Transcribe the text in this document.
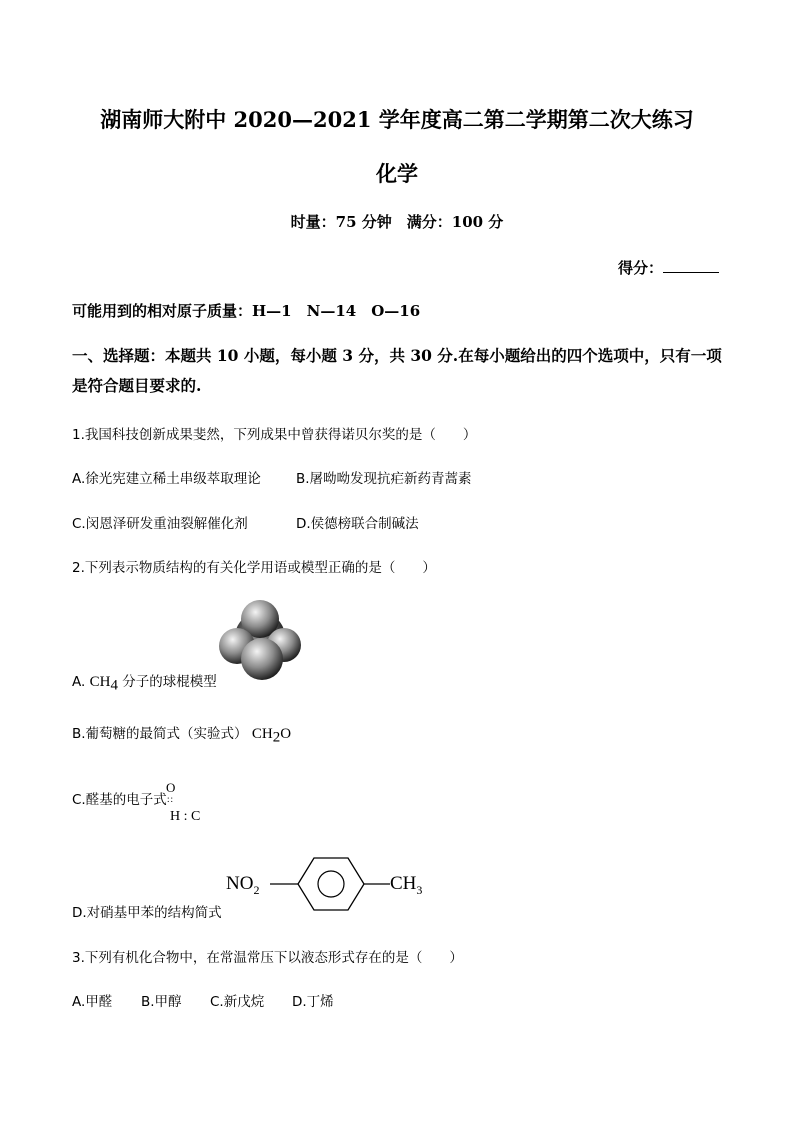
湖南师大附中 2020—2021 学年度高二第二学期第二次大练习
化学
时量：75 分钟　满分：100 分
得分：
可能用到的相对原子质量：H—1　N—14　O—16
一、选择题：本题共 10 小题，每小题 3 分，共 30 分.在每小题给出的四个选项中，只有一项
是符合题目要求的.
1.我国科技创新成果斐然，下列成果中曾获得诺贝尔奖的是（　　）
A.徐光宪建立稀土串级萃取理论	B.屠呦呦发现抗疟新药青蒿素
C.闵恩泽研发重油裂解催化剂	D.侯德榜联合制碱法
2.下列表示物质结构的有关化学用语或模型正确的是（　　）
A. $CH_4$ 分子的球棍模型
B.葡萄糖的最简式（实验式） $CH_2O$
C.醛基的电子式
O
::
H : C
D.对硝基甲苯的结构简式
$NO_2$	$CH_3$
3.下列有机化合物中，在常温常压下以液态形式存在的是（　　）
A.甲醛 B.甲醇 C.新戊烷 D.丁烯
